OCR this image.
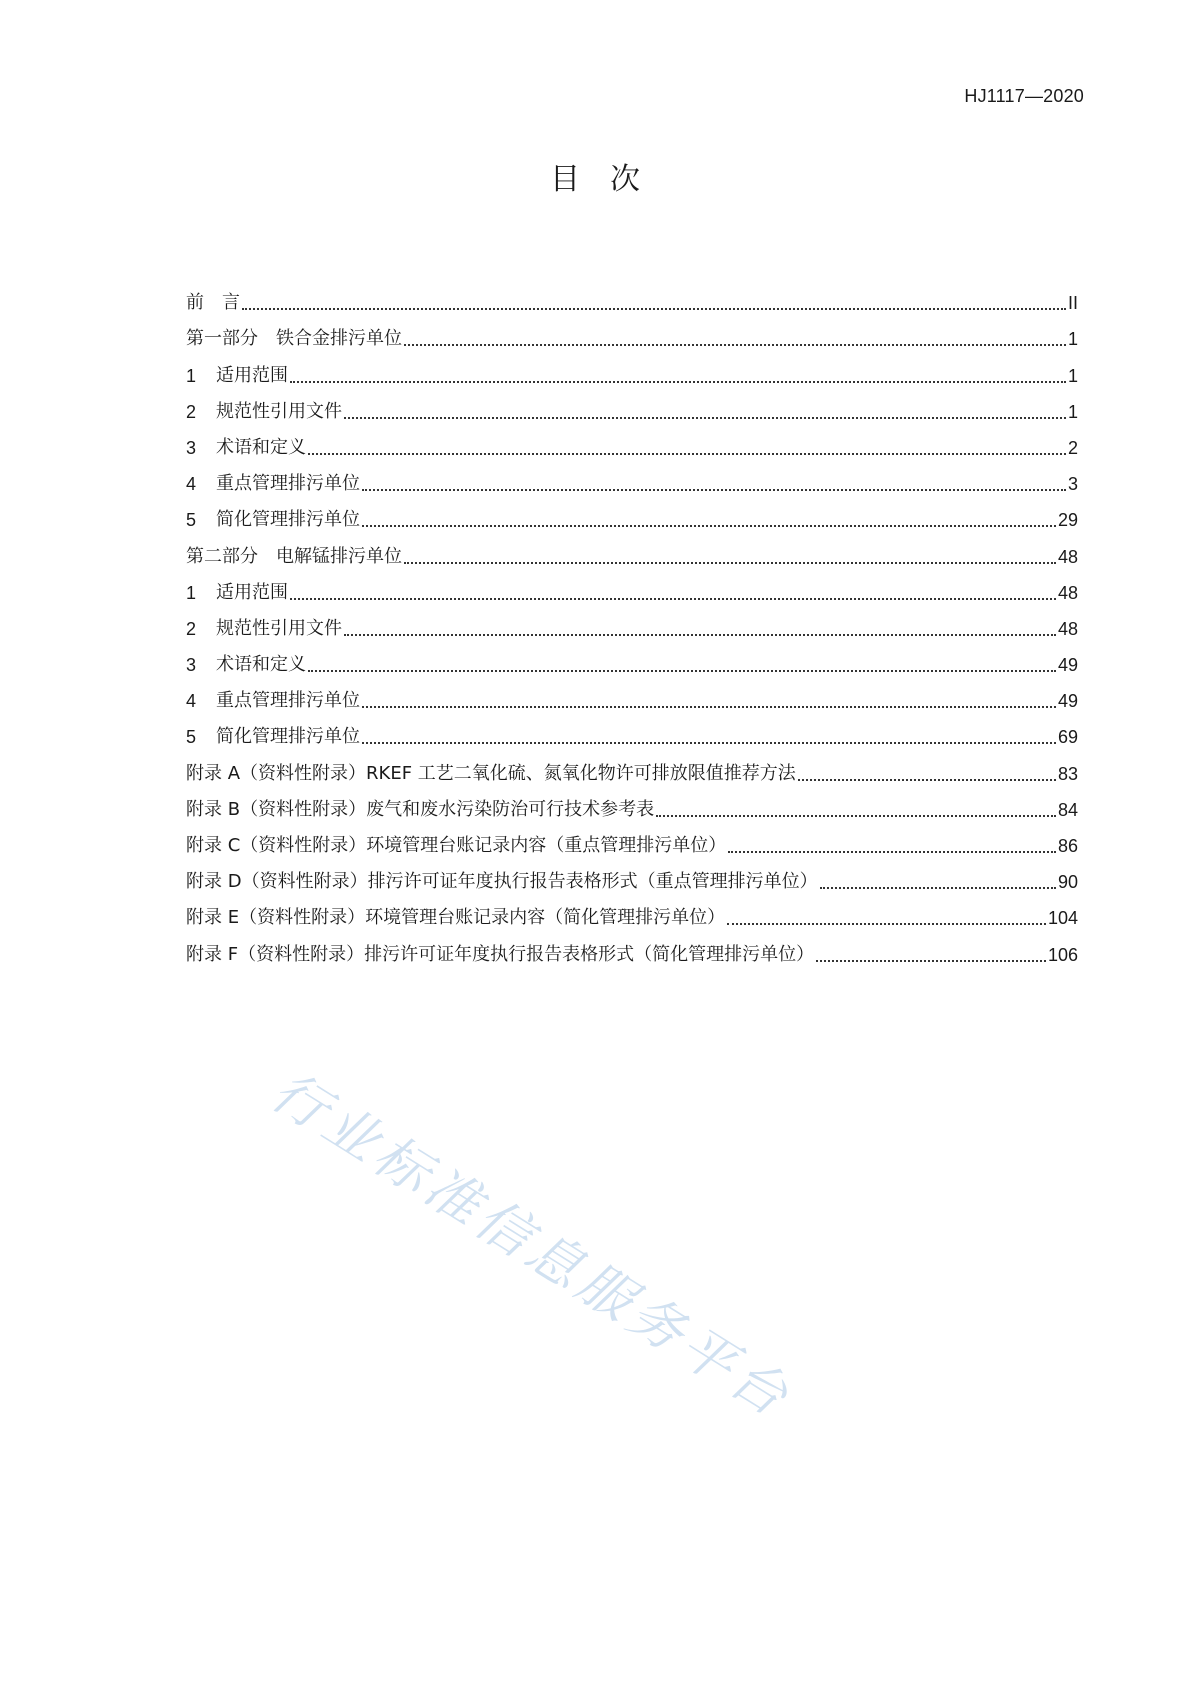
HJ1117—2020
目次
前　言	II
第一部分　铁合金排污单位	1
1	适用范围	1
2	规范性引用文件	1
3	术语和定义	2
4	重点管理排污单位	3
5	简化管理排污单位	29
第二部分　电解锰排污单位	48
1	适用范围	48
2	规范性引用文件	48
3	术语和定义	49
4	重点管理排污单位	49
5	简化管理排污单位	69
附录 A（资料性附录）RKEF 工艺二氧化硫、氮氧化物许可排放限值推荐方法	83
附录 B（资料性附录）废气和废水污染防治可行技术参考表	84
附录 C（资料性附录）环境管理台账记录内容（重点管理排污单位）	86
附录 D（资料性附录）排污许可证年度执行报告表格形式（重点管理排污单位）	90
附录 E（资料性附录）环境管理台账记录内容（简化管理排污单位）	104
附录 F（资料性附录）排污许可证年度执行报告表格形式（简化管理排污单位）	106
行业标准信息服务平台
